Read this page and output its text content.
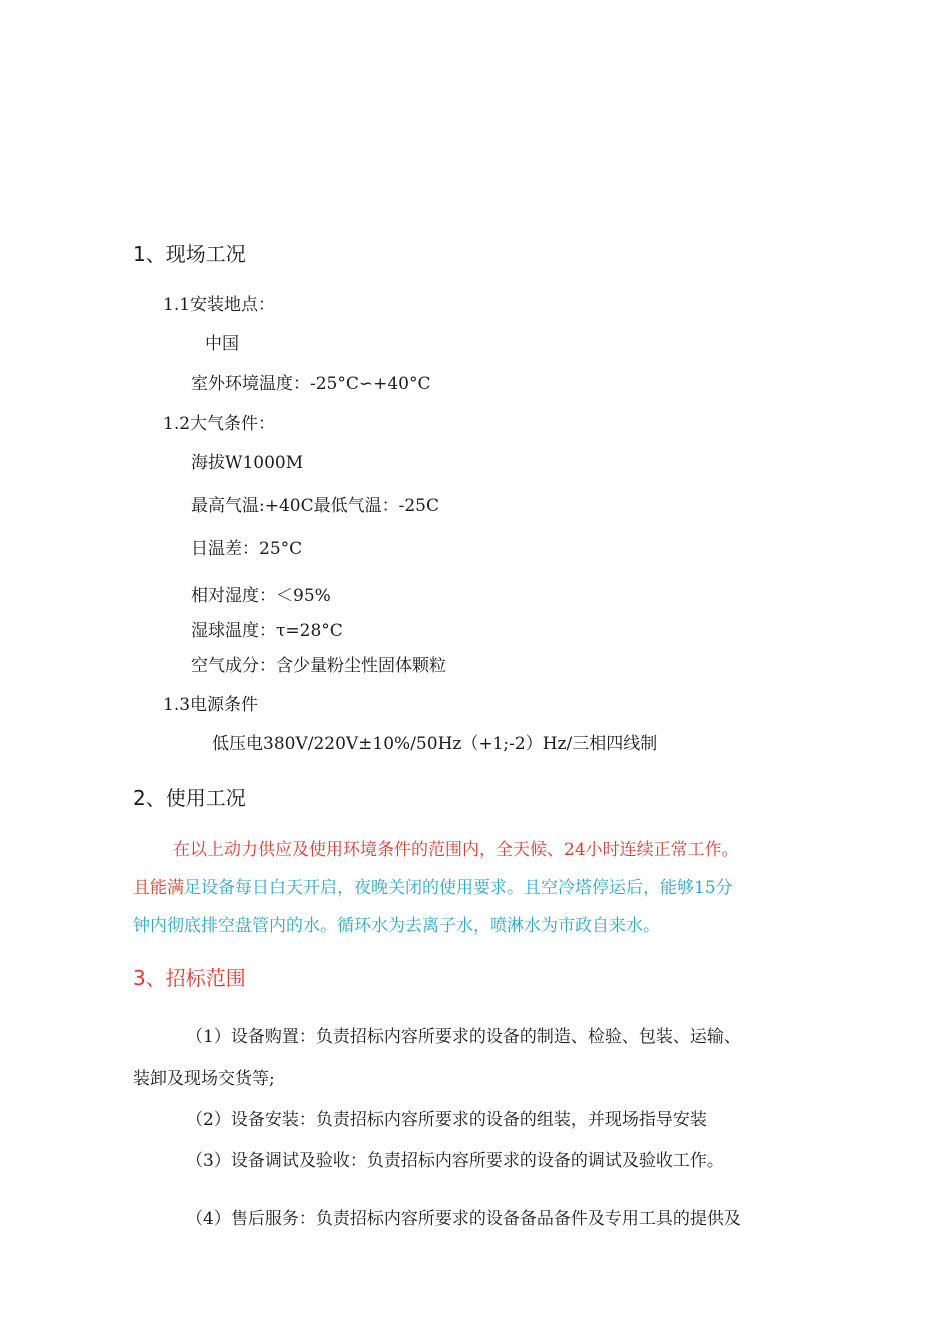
1、现场工况
1.1安装地点：
中国
室外环境温度：-25°C∽+40°C
1.2大气条件：
海拔W1000M
最高气温:+40C最低气温：-25C
日温差：25°C
相对湿度：＜95%
湿球温度：τ=28°C
空气成分：含少量粉尘性固体颗粒
1.3电源条件
低压电380V/220V±10%/50Hz（+1;-2）Hz/三相四线制
2、使用工况
在以上动力供应及使用环境条件的范围内，全天候、24小时连续正常工作。
且能满足设备每日白天开启，夜晚关闭的使用要求。且空冷塔停运后，能够15分
钟内彻底排空盘管内的水。循环水为去离子水，喷淋水为市政自来水。
3、招标范围
（1）设备购置：负责招标内容所要求的设备的制造、检验、包装、运输、
装卸及现场交货等;
（2）设备安装：负责招标内容所要求的设备的组装，并现场指导安装
（3）设备调试及验收：负责招标内容所要求的设备的调试及验收工作。
（4）售后服务：负责招标内容所要求的设备备品备件及专用工具的提供及
